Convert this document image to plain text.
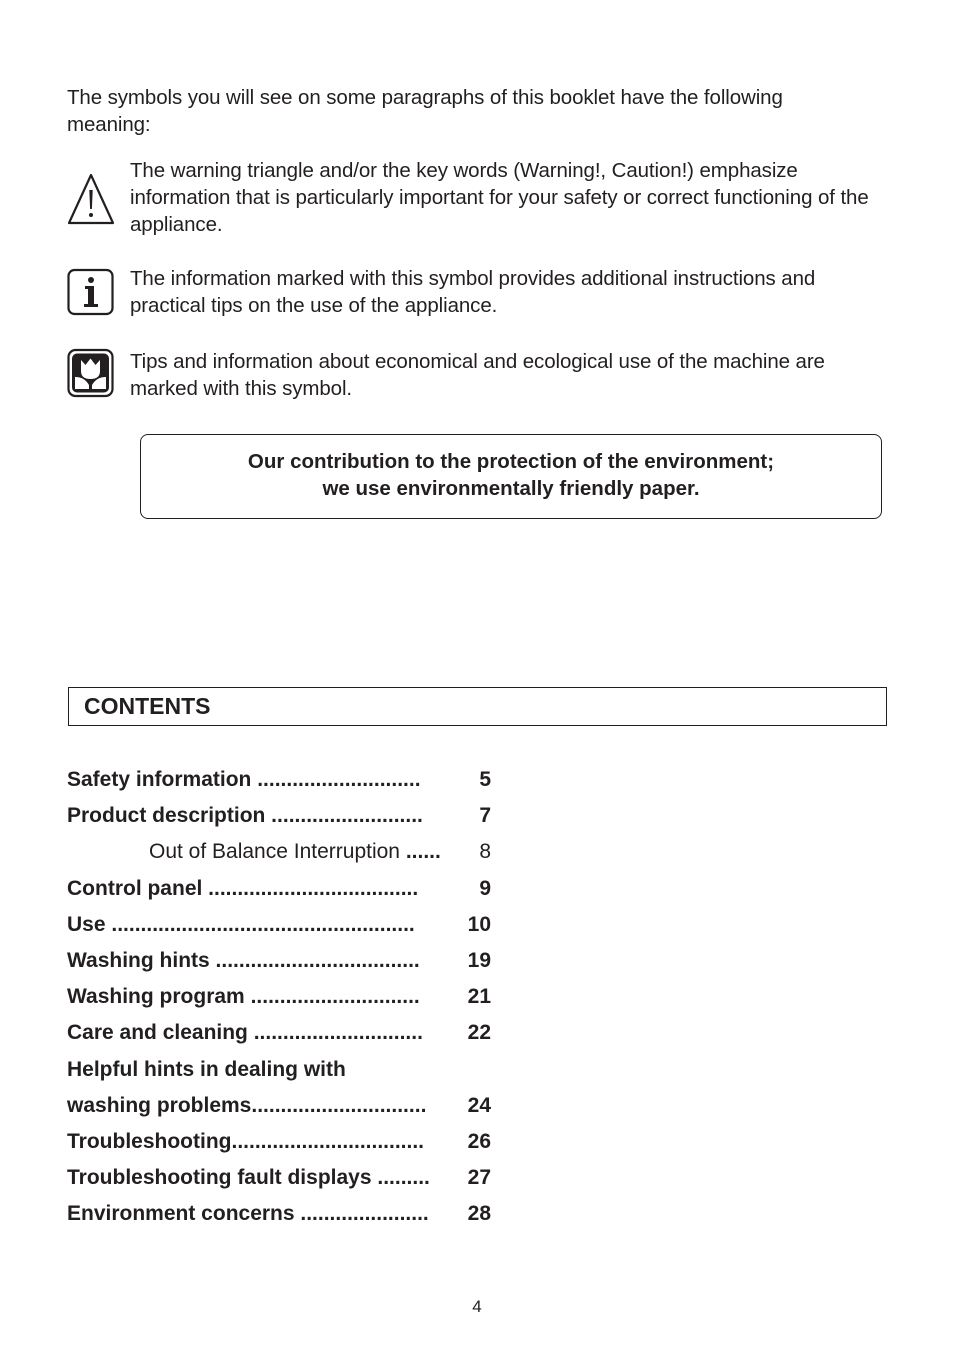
The symbols you will see on some paragraphs of this booklet have the following meaning:
The warning triangle and/or the key words (Warning!, Caution!) emphasize information that is particularly important for your safety or correct functioning of the appliance.
The information marked with this symbol provides additional instructions and practical tips on the use of the appliance.
Tips and information about economical and ecological use of the machine are marked with this symbol.
Our contribution to the protection of the environment;
we use environmentally friendly paper.
CONTENTS
Safety information ............................	5
Product description ..........................	7
Out of Balance Interruption ...... 8
Control panel ....................................	9
Use ....................................................	10
Washing hints ................................... 19
Washing program ............................. 21
Care and cleaning ............................. 22
Helpful hints in dealing with
washing problems.............................. 24
Troubleshooting................................. 26
Troubleshooting fault displays ......... 27
Environment concerns ...................... 28
4
